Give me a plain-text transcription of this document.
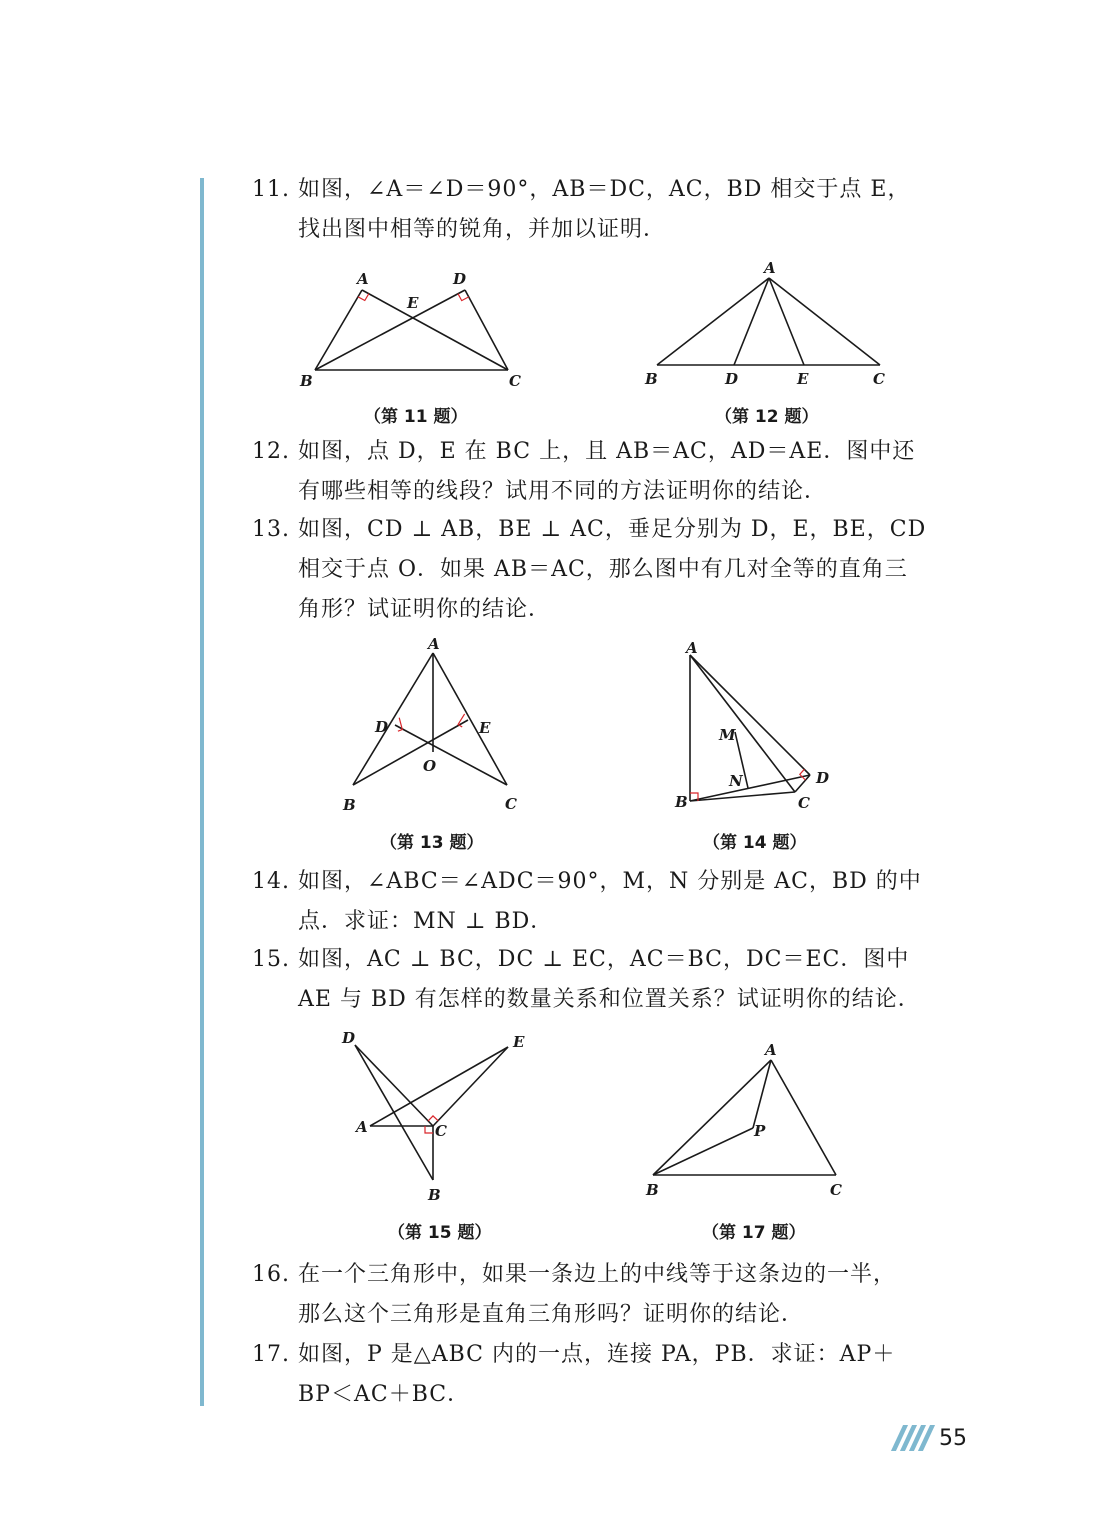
11. 如图，∠A＝∠D＝90°，AB＝DC，AC，BD 相交于点 E，
找出图中相等的锐角，并加以证明．
A	D
E
B	C
（第 11 题）
A
B	D	E	C
（第 12 题）
12. 如图，点 D，E 在 BC 上，且 AB＝AC，AD＝AE．图中还
有哪些相等的线段？试用不同的方法证明你的结论．
13. 如图，CD ⊥ AB，BE ⊥ AC，垂足分别为 D，E，BE，CD
相交于点 O．如果 AB＝AC，那么图中有几对全等的直角三
角形？试证明你的结论．
A
D	E
O
B	C
（第 13 题）
A
M
N	D
B	C
（第 14 题）
14. 如图，∠ABC＝∠ADC＝90°，M，N 分别是 AC，BD 的中
点．求证：MN ⊥ BD．
15. 如图，AC ⊥ BC，DC ⊥ EC，AC＝BC，DC＝EC．图中
AE 与 BD 有怎样的数量关系和位置关系？试证明你的结论．
D	E
A	C
B
（第 15 题）
A
P
B	C
（第 17 题）
16. 在一个三角形中，如果一条边上的中线等于这条边的一半，
那么这个三角形是直角三角形吗？证明你的结论．
17. 如图，P 是△ABC 内的一点，连接 PA，PB．求证：AP＋
BP＜AC＋BC．
55
